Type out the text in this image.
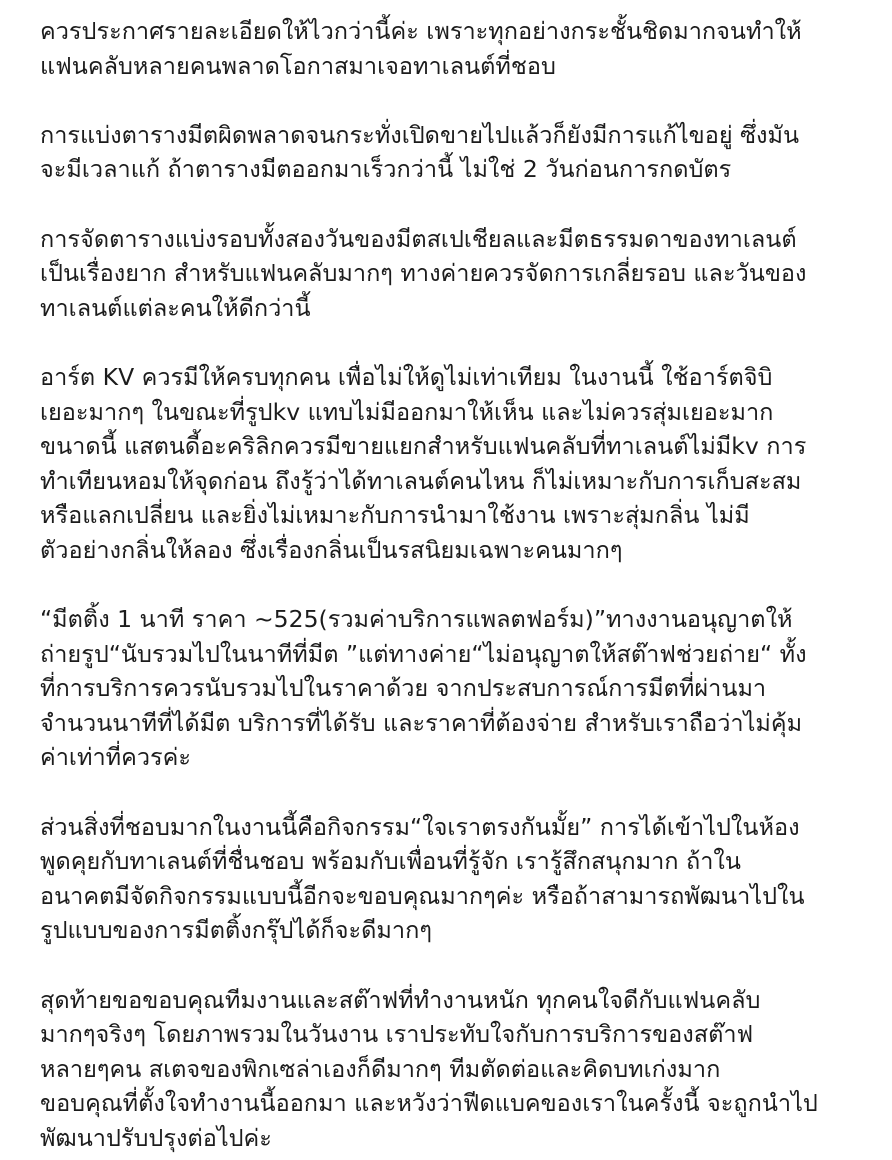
ควรประกาศรายละเอียดให้ไวกว่านี้ค่ะ เพราะทุกอย่างกระชั้นชิดมากจนทำให้
แฟนคลับหลายคนพลาดโอกาสมาเจอทาเลนต์ที่ชอบ

การแบ่งตารางมีตผิดพลาดจนกระทั่งเปิดขายไปแล้วก็ยังมีการแก้ไขอยู่ ซึ่งมัน
จะมีเวลาแก้ ถ้าตารางมีตออกมาเร็วกว่านี้ ไม่ใช่ 2 วันก่อนการกดบัตร

การจัดตารางแบ่งรอบทั้งสองวันของมีตสเปเชียลและมีตธรรมดาของทาเลนต์
เป็นเรื่องยาก สำหรับแฟนคลับมากๆ ทางค่ายควรจัดการเกลี่ยรอบ และวันของ
ทาเลนต์แต่ละคนให้ดีกว่านี้

อาร์ต KV ควรมีให้ครบทุกคน เพื่อไม่ให้ดูไม่เท่าเทียม ในงานนี้ ใช้อาร์ตจิบิ
เยอะมากๆ ในขณะที่รูปkv แทบไม่มีออกมาให้เห็น และไม่ควรสุ่มเยอะมาก
ขนาดนี้ แสตนดี้อะคริลิกควรมีขายแยกสำหรับแฟนคลับที่ทาเลนต์ไม่มีkv การ
ทำเทียนหอมให้จุดก่อน ถึงรู้ว่าได้ทาเลนต์คนไหน ก็ไม่เหมาะกับการเก็บสะสม
หรือแลกเปลี่ยน และยิ่งไม่เหมาะกับการนำมาใช้งาน เพราะสุ่มกลิ่น ไม่มี
ตัวอย่างกลิ่นให้ลอง ซึ่งเรื่องกลิ่นเป็นรสนิยมเฉพาะคนมากๆ

“มีตติ้ง 1 นาที ราคา ~525(รวมค่าบริการแพลตฟอร์ม)”ทางงานอนุญาตให้
ถ่ายรูป“นับรวมไปในนาทีที่มีต ”แต่ทางค่าย“ไม่อนุญาตให้สต๊าฟช่วยถ่าย“ ทั้ง
ที่การบริการควรนับรวมไปในราคาด้วย จากประสบการณ์การมีตที่ผ่านมา
จำนวนนาทีที่ได้มีต บริการที่ได้รับ และราคาที่ต้องจ่าย สำหรับเราถือว่าไม่คุ้ม
ค่าเท่าที่ควรค่ะ

ส่วนสิ่งที่ชอบมากในงานนี้คือกิจกรรม“ใจเราตรงกันมั้ย” การได้เข้าไปในห้อง
พูดคุยกับทาเลนต์ที่ชื่นชอบ พร้อมกับเพื่อนที่รู้จัก เรารู้สึกสนุกมาก ถ้าใน
อนาคตมีจัดกิจกรรมแบบนี้อีกจะขอบคุณมากๆค่ะ หรือถ้าสามารถพัฒนาไปใน
รูปแบบของการมีตติ้งกรุ๊ปได้ก็จะดีมากๆ

สุดท้ายขอขอบคุณทีมงานและสต๊าฟที่ทำงานหนัก ทุกคนใจดีกับแฟนคลับ
มากๆจริงๆ โดยภาพรวมในวันงาน เราประทับใจกับการบริการของสต๊าฟ
หลายๆคน สเตจของพิกเซล่าเองก็ดีมากๆ ทีมตัดต่อและคิดบทเก่งมาก
ขอบคุณที่ตั้งใจทำงานนี้ออกมา และหวังว่าฟีดแบคของเราในครั้งนี้ จะถูกนำไป
พัฒนาปรับปรุงต่อไปค่ะ
